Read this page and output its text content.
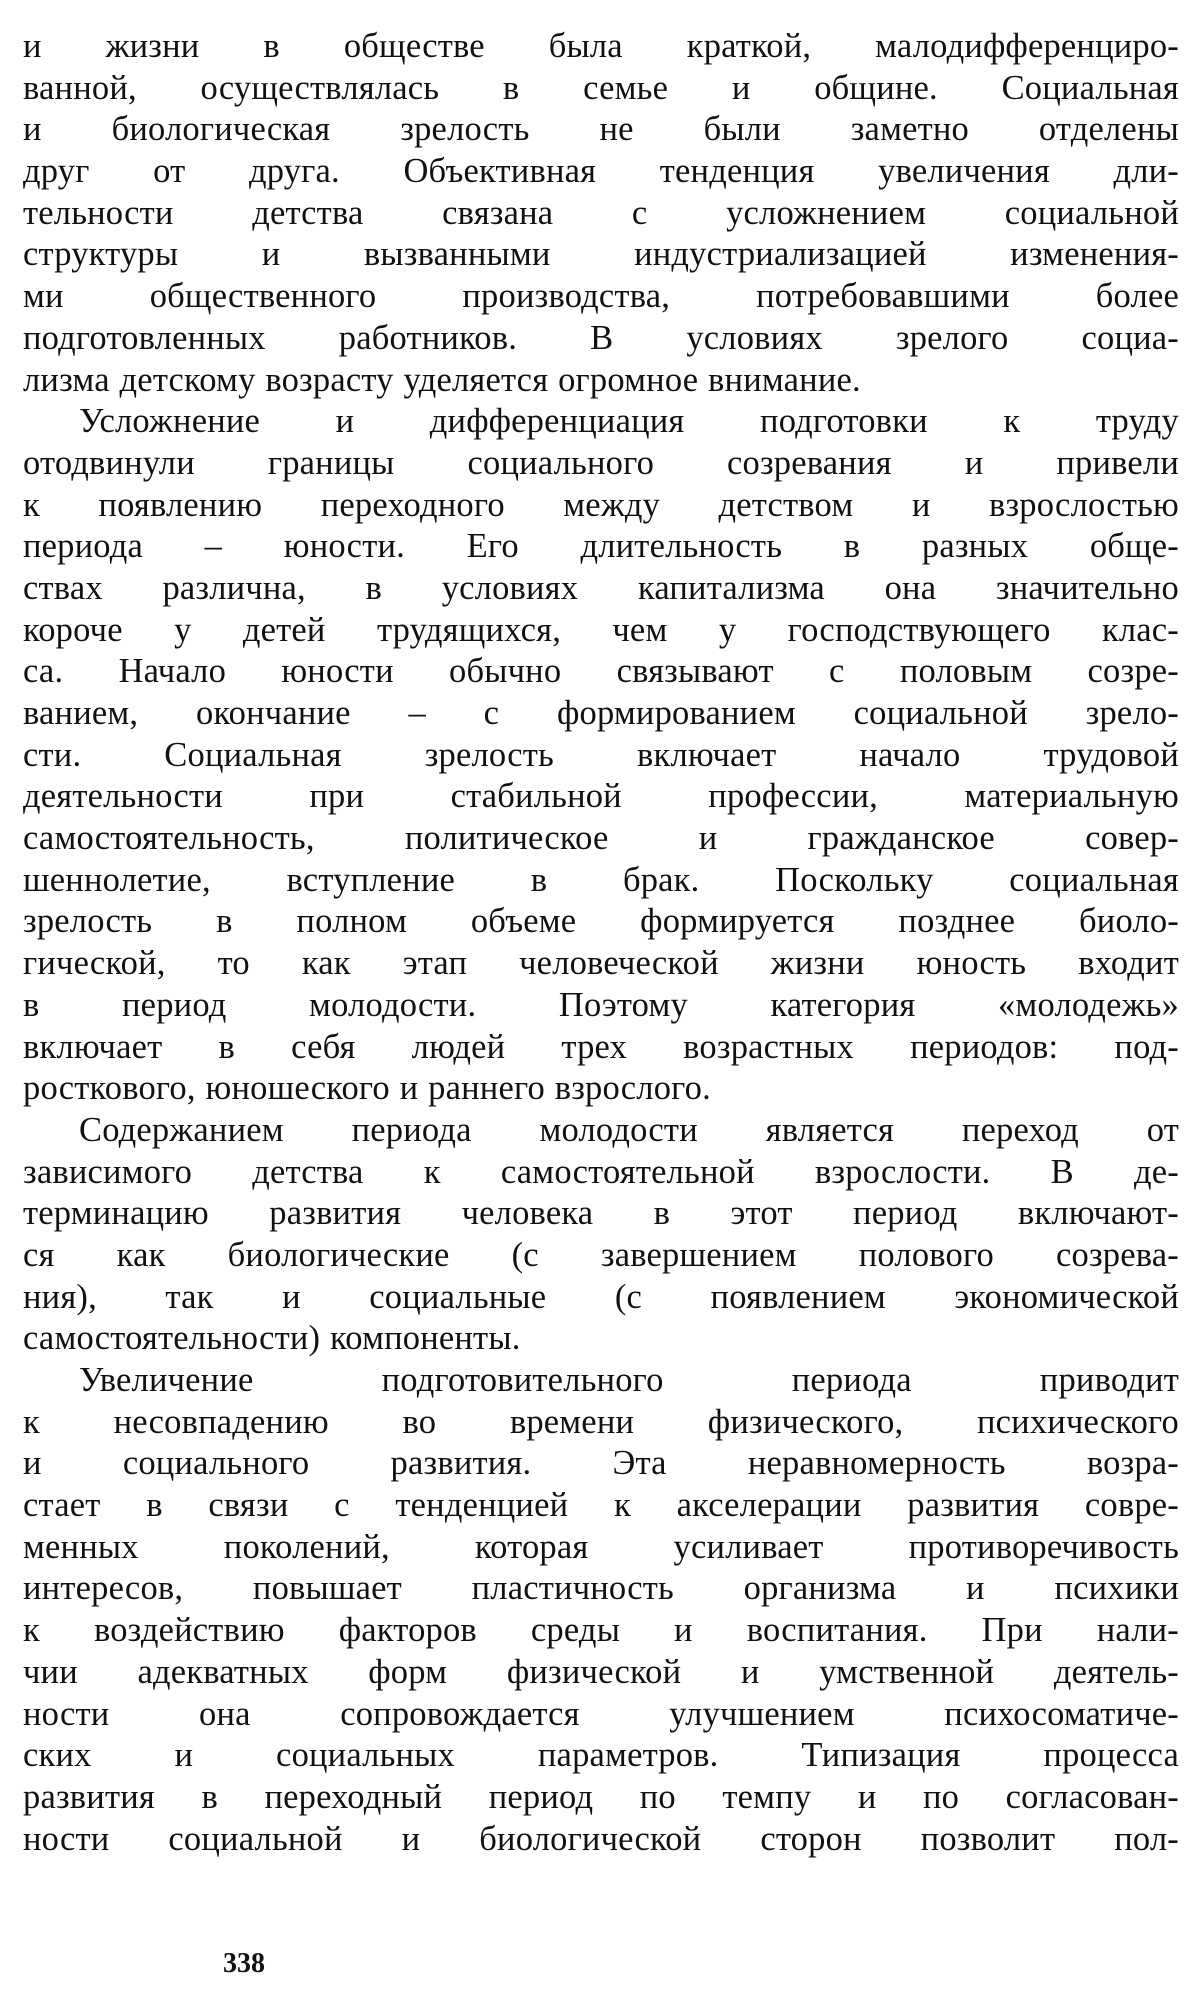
и жизни в обществе была краткой, малодифференциро-
ванной, осуществлялась в семье и общине. Социальная
и биологическая зрелость не были заметно отделены
друг от друга. Объективная тенденция увеличения дли-
тельности детства связана с усложнением социальной
структуры и вызванными индустриализацией изменения-
ми общественного производства, потребовавшими более
подготовленных работников. В условиях зрелого социа-
лизма детскому возрасту уделяется огромное внимание.
Усложнение и дифференциация подготовки к труду
отодвинули границы социального созревания и привели
к появлению переходного между детством и взрослостью
периода – юности. Его длительность в разных обще-
ствах различна, в условиях капитализма она значительно
короче у детей трудящихся, чем у господствующего клас-
са. Начало юности обычно связывают с половым созре-
ванием, окончание – с формированием социальной зрело-
сти. Социальная зрелость включает начало трудовой
деятельности при стабильной профессии, материальную
самостоятельность, политическое и гражданское совер-
шеннолетие, вступление в брак. Поскольку социальная
зрелость в полном объеме формируется позднее биоло-
гической, то как этап человеческой жизни юность входит
в период молодости. Поэтому категория «молодежь»
включает в себя людей трех возрастных периодов: под-
росткового, юношеского и раннего взрослого.
Содержанием периода молодости является переход от
зависимого детства к самостоятельной взрослости. В де-
терминацию развития человека в этот период включают-
ся как биологические (с завершением полового созрева-
ния), так и социальные (с появлением экономической
самостоятельности) компоненты.
Увеличение подготовительного периода приводит
к несовпадению во времени физического, психического
и социального развития. Эта неравномерность возра-
стает в связи с тенденцией к акселерации развития совре-
менных поколений, которая усиливает противоречивость
интересов, повышает пластичность организма и психики
к воздействию факторов среды и воспитания. При нали-
чии адекватных форм физической и умственной деятель-
ности она сопровождается улучшением психосоматиче-
ских и социальных параметров. Типизация процесса
развития в переходный период по темпу и по согласован-
ности социальной и биологической сторон позволит пол-
338
